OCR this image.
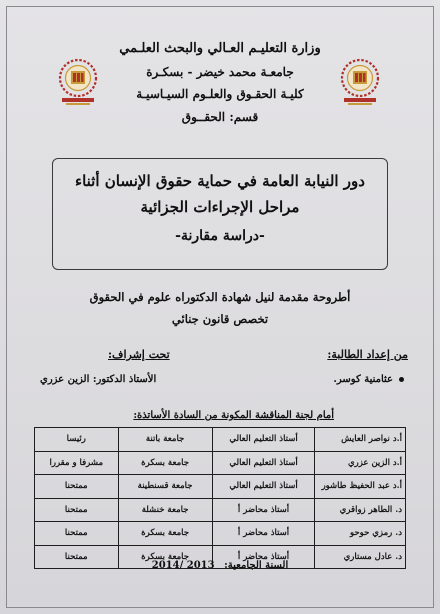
وزارة التعليـم العـالي والبحث العلـمي
جامعـة محمد خيضر - بسكـرة
كليـة الحقـوق والعلـوم السيـاسيـة
قسم: الحقــوق
دور النيابة العامة في حماية حقوق الإنسان أثناء
مراحل الإجراءات الجزائية
-دراسة مقارنة-
أطروحة مقدمة لنيل شهادة الدكتوراه علوم في الحقوق
تخصص قانون جنائي
من إعداد الطالبة:
عثامنية كوسر.
تحت إشراف:
الأستاذ الدكتور: الزين عزري
أمام لجنة المناقشة المكونة من السادة الأساتذة:
أ.د نواصر العايش	أستاذ التعليم العالي	جامعة باتنة	رئيسا
أ.د الزين عزري	أستاذ التعليم العالي	جامعة بسكرة	مشرفا و مقررا
أ.د عبد الحفيظ طاشور	أستاذ التعليم العالي	جامعة قسنطينة	ممتحنا
د. الطاهر زواقري	أستاذ محاضر أ	جامعة خنشلة	ممتحنا
د. رمزي حوحو	أستاذ محاضر أ	جامعة بسكرة	ممتحنا
د. عادل مستاري	أستاذ محاضر أ	جامعة بسكرة	ممتحنا
السنة الجامعية: 2013 /2014
